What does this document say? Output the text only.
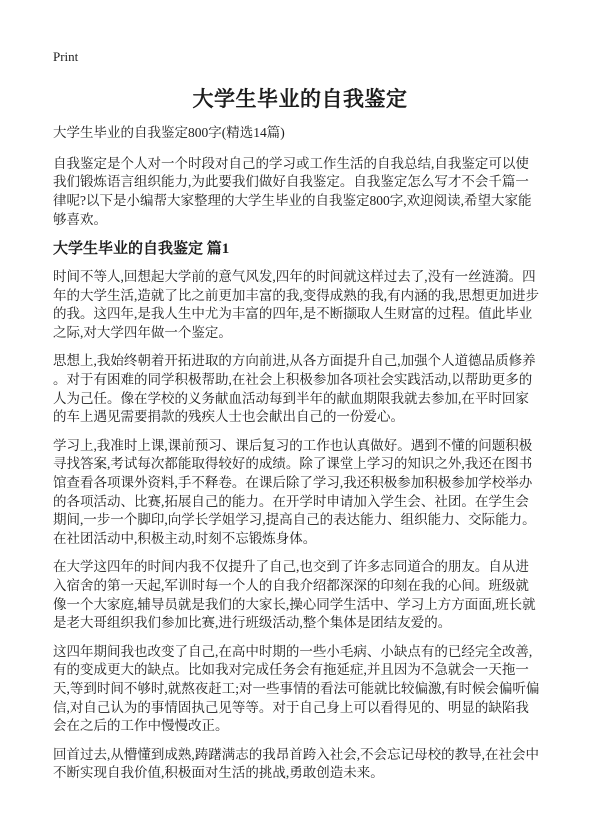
Print
大学生毕业的自我鉴定
大学生毕业的自我鉴定800字(精选14篇)

自我鉴定是个人对一个时段对自己的学习或工作生活的自我总结,自我鉴定可以使我们锻炼语言组织能力,为此要我们做好自我鉴定。自我鉴定怎么写才不会千篇一律呢?以下是小编帮大家整理的大学生毕业的自我鉴定800字,欢迎阅读,希望大家能够喜欢。

大学生毕业的自我鉴定 篇1

时间不等人,回想起大学前的意气风发,四年的时间就这样过去了,没有一丝涟漪。四年的大学生活,造就了比之前更加丰富的我,变得成熟的我,有内涵的我,思想更加进步的我。这四年,是我人生中尤为丰富的四年,是不断撷取人生财富的过程。值此毕业之际,对大学四年做一个鉴定。

思想上,我始终朝着开拓进取的方向前进,从各方面提升自己,加强个人道德品质修养。对于有困难的同学积极帮助,在社会上积极参加各项社会实践活动,以帮助更多的人为己任。像在学校的义务献血活动每到半年的献血期限我就去参加,在平时回家的车上遇见需要捐款的残疾人士也会献出自己的一份爱心。

学习上,我准时上课,课前预习、课后复习的工作也认真做好。遇到不懂的问题积极寻找答案,考试每次都能取得较好的成绩。除了课堂上学习的知识之外,我还在图书馆查看各项课外资料,手不释卷。在课后除了学习,我还积极参加积极参加学校举办的各项活动、比赛,拓展自己的能力。在开学时申请加入学生会、社团。在学生会期间,一步一个脚印,向学长学姐学习,提高自己的表达能力、组织能力、交际能力。在社团活动中,积极主动,时刻不忘锻炼身体。

在大学这四年的时间内我不仅提升了自己,也交到了许多志同道合的朋友。自从进入宿舍的第一天起,军训时每一个人的自我介绍都深深的印刻在我的心间。班级就像一个大家庭,辅导员就是我们的大家长,操心同学生活中、学习上方方面面,班长就是老大哥组织我们参加比赛,进行班级活动,整个集体是团结友爱的。

这四年期间我也改变了自己,在高中时期的一些小毛病、小缺点有的已经完全改善,有的变成更大的缺点。比如我对完成任务会有拖延症,并且因为不急就会一天拖一天,等到时间不够时,就熬夜赶工;对一些事情的看法可能就比较偏激,有时候会偏听偏信,对自己认为的事情固执己见等等。对于自己身上可以看得见的、明显的缺陷我会在之后的工作中慢慢改正。

回首过去,从懵懂到成熟,踌躇满志的我昂首跨入社会,不会忘记母校的教导,在社会中不断实现自我价值,积极面对生活的挑战,勇敢创造未来。
